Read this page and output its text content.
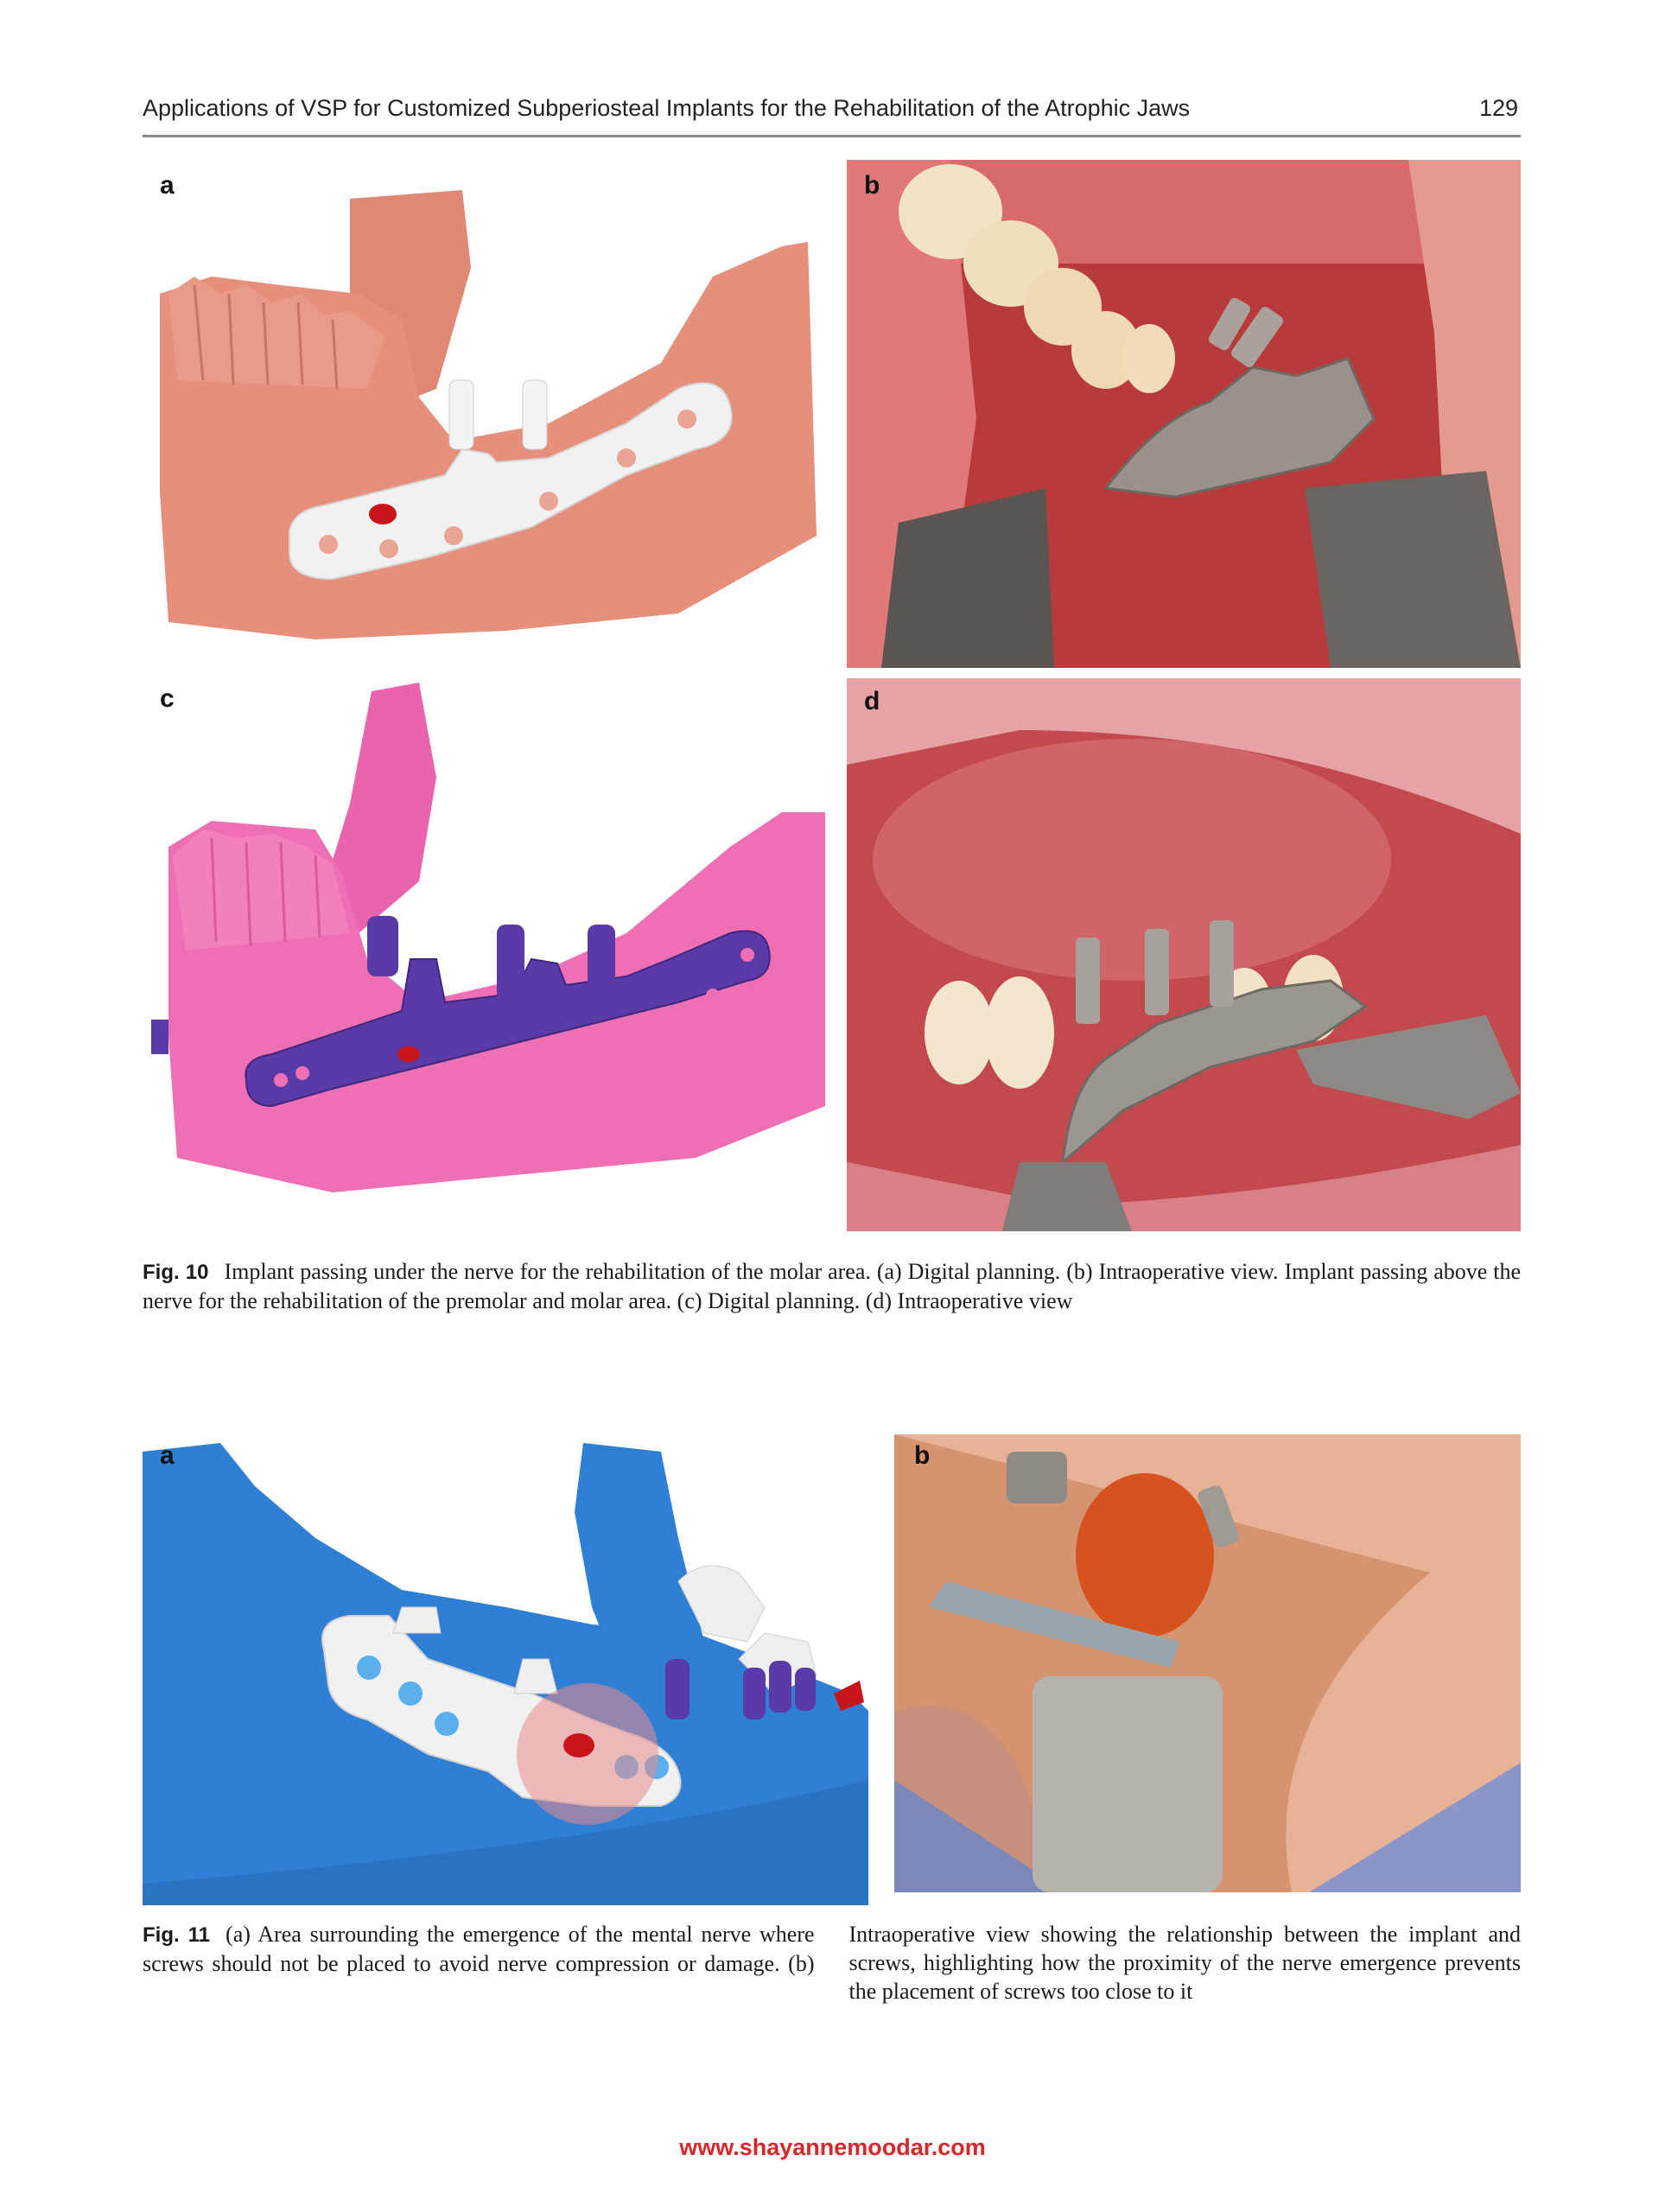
Applications of VSP for Customized Subperiosteal Implants for the Rehabilitation of the Atrophic Jaws	129
a	b
c	d
Fig. 10 Implant passing under the nerve for the rehabilitation of the molar area. (a) Digital planning. (b) Intraoperative view. Implant passing above the nerve for the rehabilitation of the premolar and molar area. (c) Digital planning. (d) Intraoperative view
a	b
Fig. 11 (a) Area surrounding the emergence of the mental nerve where screws should not be placed to avoid nerve compression or damage. (b) Intraoperative view showing the relationship between the implant and screws, highlighting how the proximity of the nerve emergence prevents the placement of screws too close to it
www.shayannemoodar.com
